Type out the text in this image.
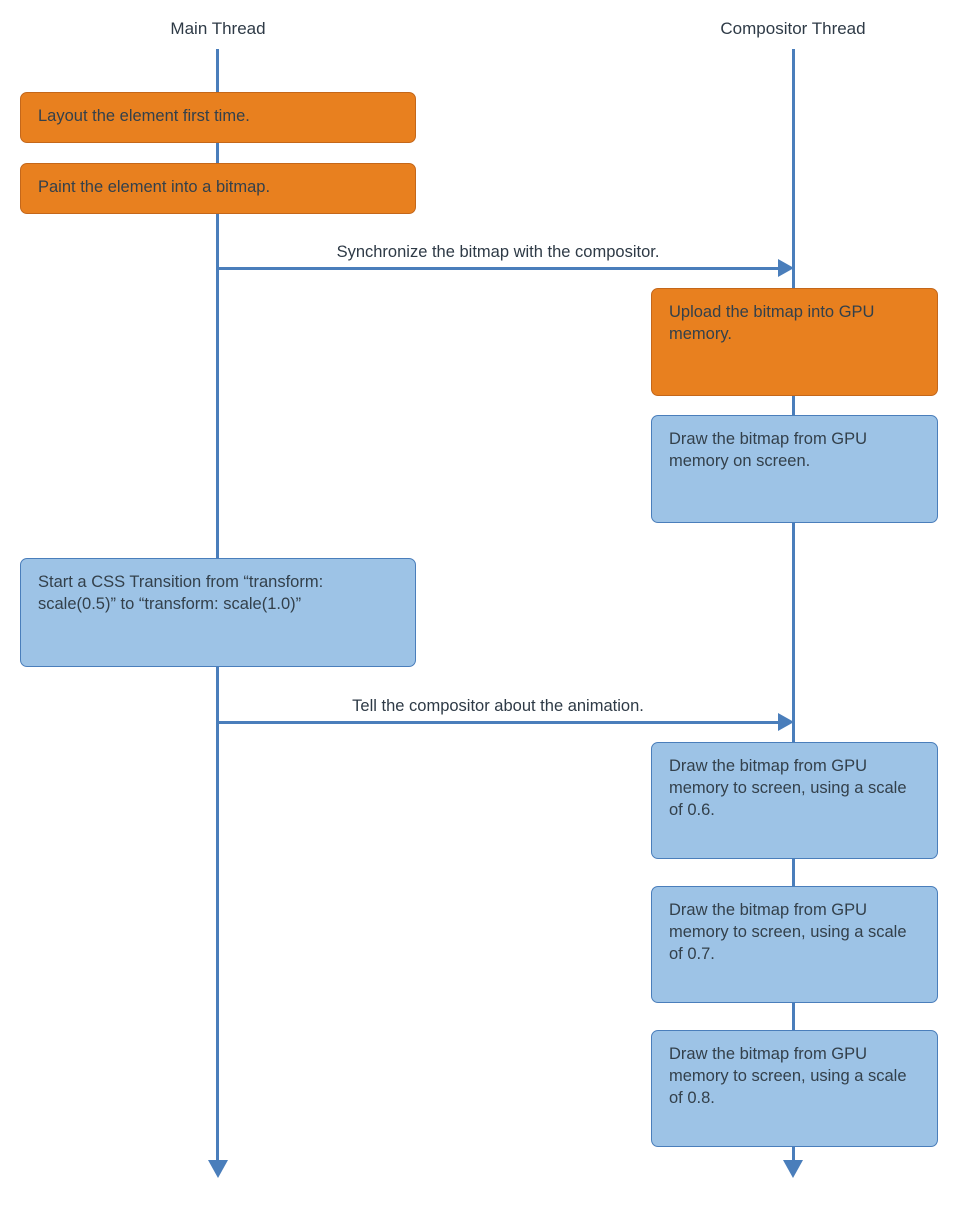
Main Thread	Compositor Thread
Layout the element first time.
Paint the element into a bitmap.
Start a CSS Transition from “transform: scale(0.5)” to “transform: scale(1.0)”
Upload the bitmap into GPU memory.
Draw the bitmap from GPU memory on screen.
Draw the bitmap from GPU memory to screen, using a scale of 0.6.
Draw the bitmap from GPU memory to screen, using a scale of 0.7.
Draw the bitmap from GPU memory to screen, using a scale of 0.8.
Synchronize the bitmap with the compositor.
Tell the compositor about the animation.
